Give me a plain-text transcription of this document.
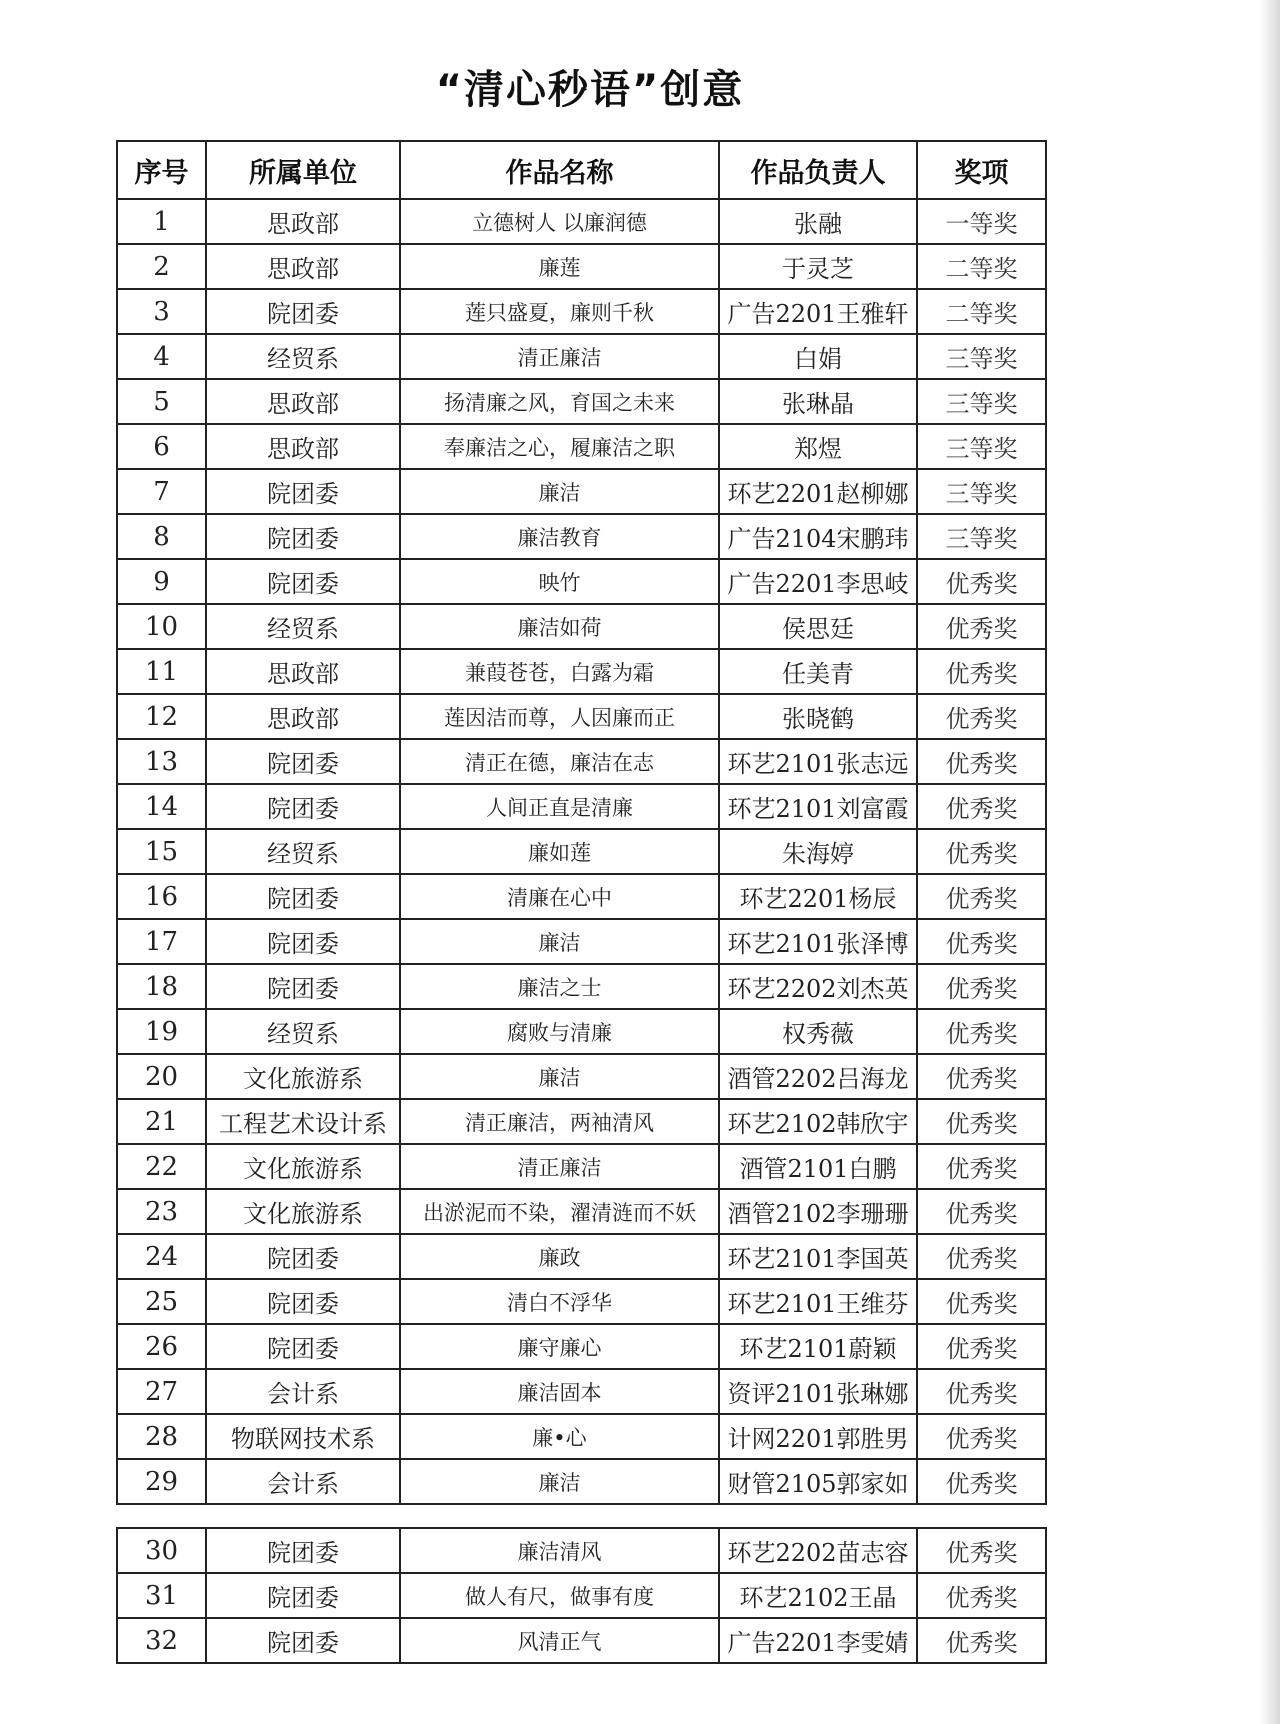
“清心秒语”创意
序号	所属单位	作品名称	作品负责人	奖项
1	思政部	立德树人 以廉润德	张融	一等奖
2	思政部	廉莲	于灵芝	二等奖
3	院团委	莲只盛夏，廉则千秋	广告2201王雅轩	二等奖
4	经贸系	清正廉洁	白娟	三等奖
5	思政部	扬清廉之风，育国之未来	张琳晶	三等奖
6	思政部	奉廉洁之心，履廉洁之职	郑煜	三等奖
7	院团委	廉洁	环艺2201赵柳娜	三等奖
8	院团委	廉洁教育	广告2104宋鹏玮	三等奖
9	院团委	映竹	广告2201李思岐	优秀奖
10	经贸系	廉洁如荷	侯思廷	优秀奖
11	思政部	兼葭苍苍，白露为霜	任美青	优秀奖
12	思政部	莲因洁而尊，人因廉而正	张晓鹤	优秀奖
13	院团委	清正在德，廉洁在志	环艺2101张志远	优秀奖
14	院团委	人间正直是清廉	环艺2101刘富霞	优秀奖
15	经贸系	廉如莲	朱海婷	优秀奖
16	院团委	清廉在心中	环艺2201杨辰	优秀奖
17	院团委	廉洁	环艺2101张泽博	优秀奖
18	院团委	廉洁之士	环艺2202刘杰英	优秀奖
19	经贸系	腐败与清廉	权秀薇	优秀奖
20	文化旅游系	廉洁	酒管2202吕海龙	优秀奖
21	工程艺术设计系	清正廉洁，两袖清风	环艺2102韩欣宇	优秀奖
22	文化旅游系	清正廉洁	酒管2101白鹏	优秀奖
23	文化旅游系	出淤泥而不染，濯清涟而不妖	酒管2102李珊珊	优秀奖
24	院团委	廉政	环艺2101李国英	优秀奖
25	院团委	清白不浮华	环艺2101王维芬	优秀奖
26	院团委	廉守廉心	环艺2101蔚颖	优秀奖
27	会计系	廉洁固本	资评2101张琳娜	优秀奖
28	物联网技术系	廉•心	计网2201郭胜男	优秀奖
29	会计系	廉洁	财管2105郭家如	优秀奖
30	院团委	廉洁清风	环艺2202苗志容	优秀奖
31	院团委	做人有尺，做事有度	环艺2102王晶	优秀奖
32	院团委	风清正气	广告2201李雯婧	优秀奖
